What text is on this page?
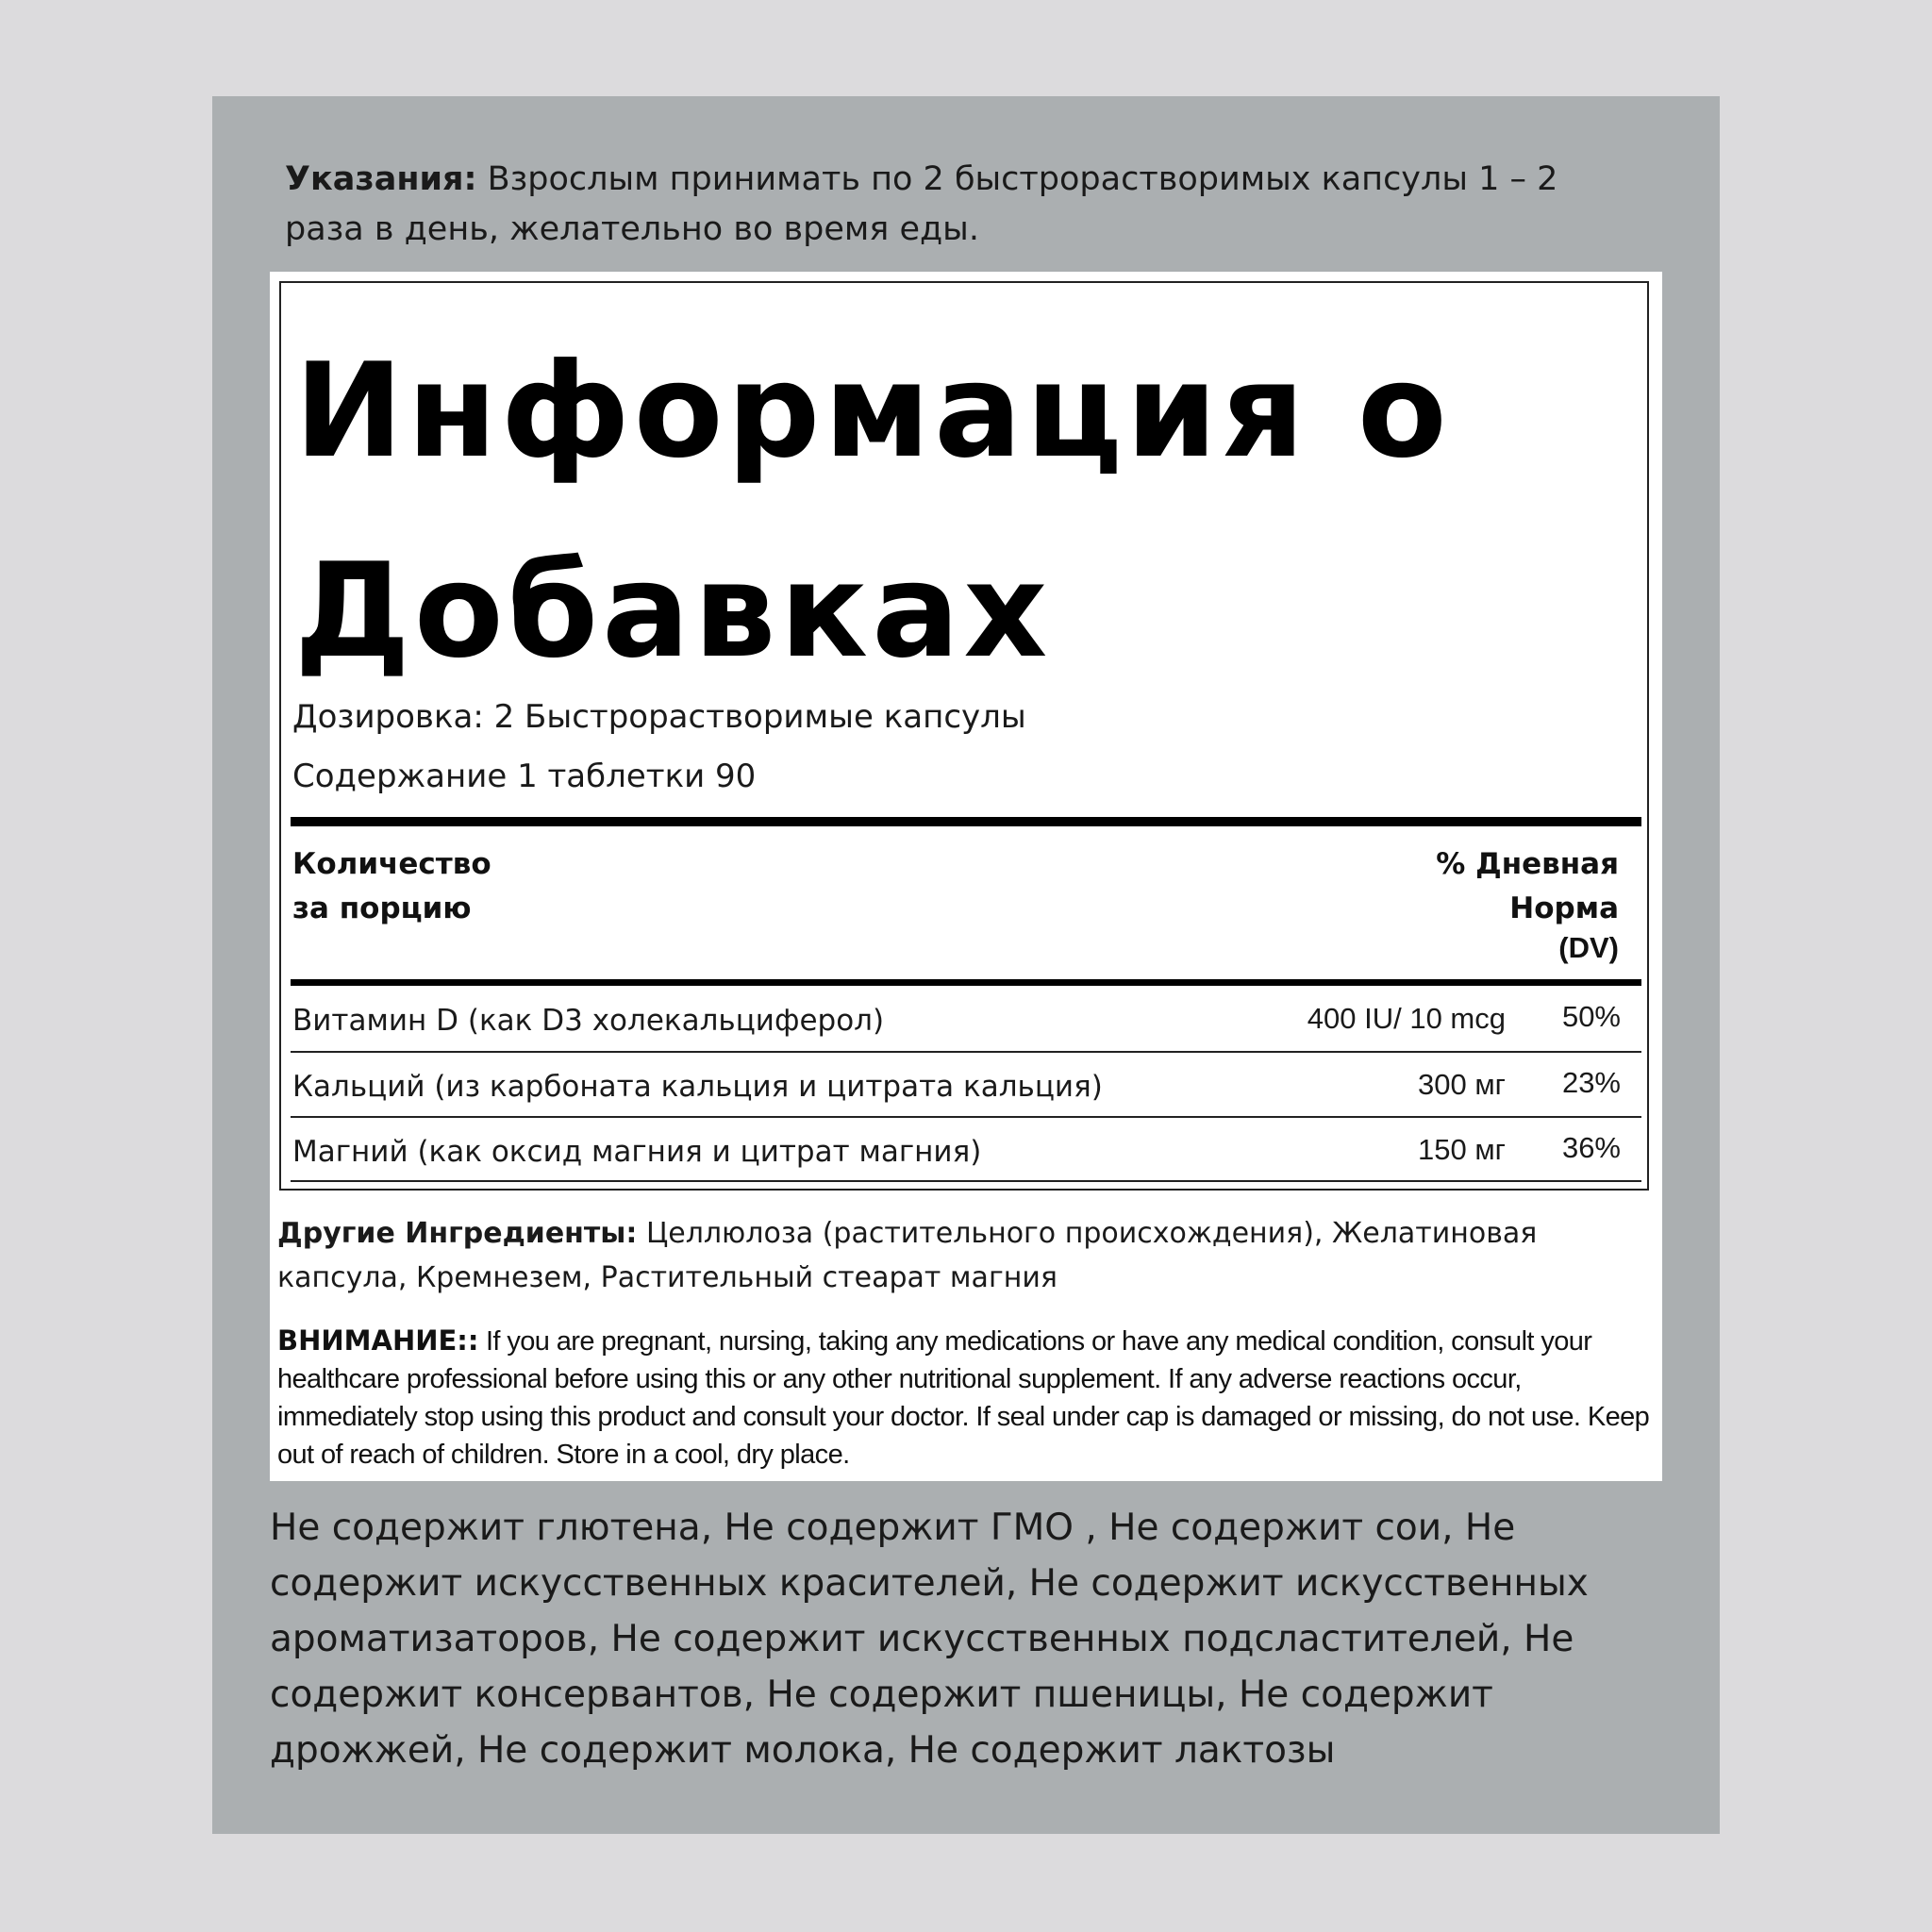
Указания: Взрослым принимать по 2 быстрорастворимых капсулы 1 – 2 раза в день, желательно во время еды.
Информация о Добавках
Дозировка: 2 Быстрорастворимые капсулы
Содержание 1 таблетки 90
Количество
за порцию
% Дневная
Норма
(DV)
Витамин D (как D3 холекальциферол)	400 IU/ 10 mcg 50%
Кальций (из карбоната кальция и цитрата кальция)	300 мг 23%
Магний (как оксид магния и цитрат магния)	150 мг 36%
Другие Ингредиенты: Целлюлоза (растительного происхождения), Желатиновая капсула, Кремнезем, Растительный стеарат магния
ВНИМАНИЕ:: If you are pregnant, nursing, taking any medications or have any medical condition, consult your healthcare professional before using this or any other nutritional supplement. If any adverse reactions occur, immediately stop using this product and consult your doctor. If seal under cap is damaged or missing, do not use. Keep out of reach of children. Store in a cool, dry place.
Не содержит глютена, Не содержит ГМО , Не содержит сои, Не содержит искусственных красителей, Не содержит искусственных ароматизаторов, Не содержит искусственных подсластителей, Не содержит консервантов, Не содержит пшеницы, Не содержит дрожжей, Не содержит молока, Не содержит лактозы
